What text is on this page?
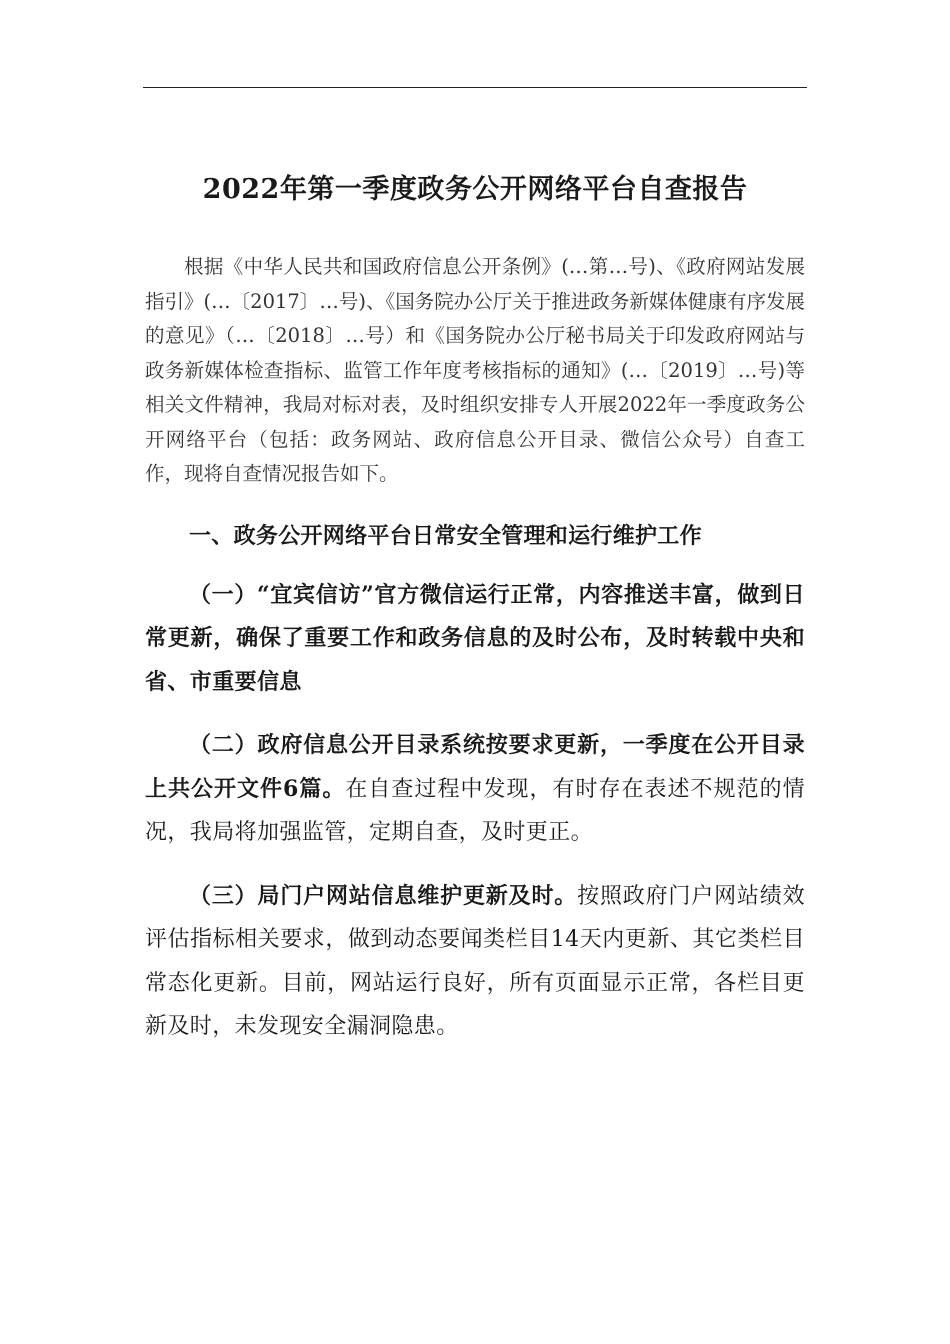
2022年第一季度政务公开网络平台自查报告

根据《中华人民共和国政府信息公开条例》(…第…号)、《政府网站发展指引》(…〔2017〕…号)、《国务院办公厅关于推进政务新媒体健康有序发展的意见》（…〔2018〕…号）和《国务院办公厅秘书局关于印发政府网站与政务新媒体检查指标、监管工作年度考核指标的通知》(…〔2019〕…号)等相关文件精神，我局对标对表，及时组织安排专人开展2022年一季度政务公开网络平台（包括：政务网站、政府信息公开目录、微信公众号）自查工作，现将自查情况报告如下。

一、政务公开网络平台日常安全管理和运行维护工作

（一）“宜宾信访”官方微信运行正常，内容推送丰富，做到日常更新，确保了重要工作和政务信息的及时公布，及时转载中央和省、市重要信息

（二）政府信息公开目录系统按要求更新，一季度在公开目录上共公开文件6篇。在自查过程中发现，有时存在表述不规范的情况，我局将加强监管，定期自查，及时更正。

（三）局门户网站信息维护更新及时。按照政府门户网站绩效评估指标相关要求，做到动态要闻类栏目14天内更新、其它类栏目常态化更新。目前，网站运行良好，所有页面显示正常，各栏目更新及时，未发现安全漏洞隐患。
